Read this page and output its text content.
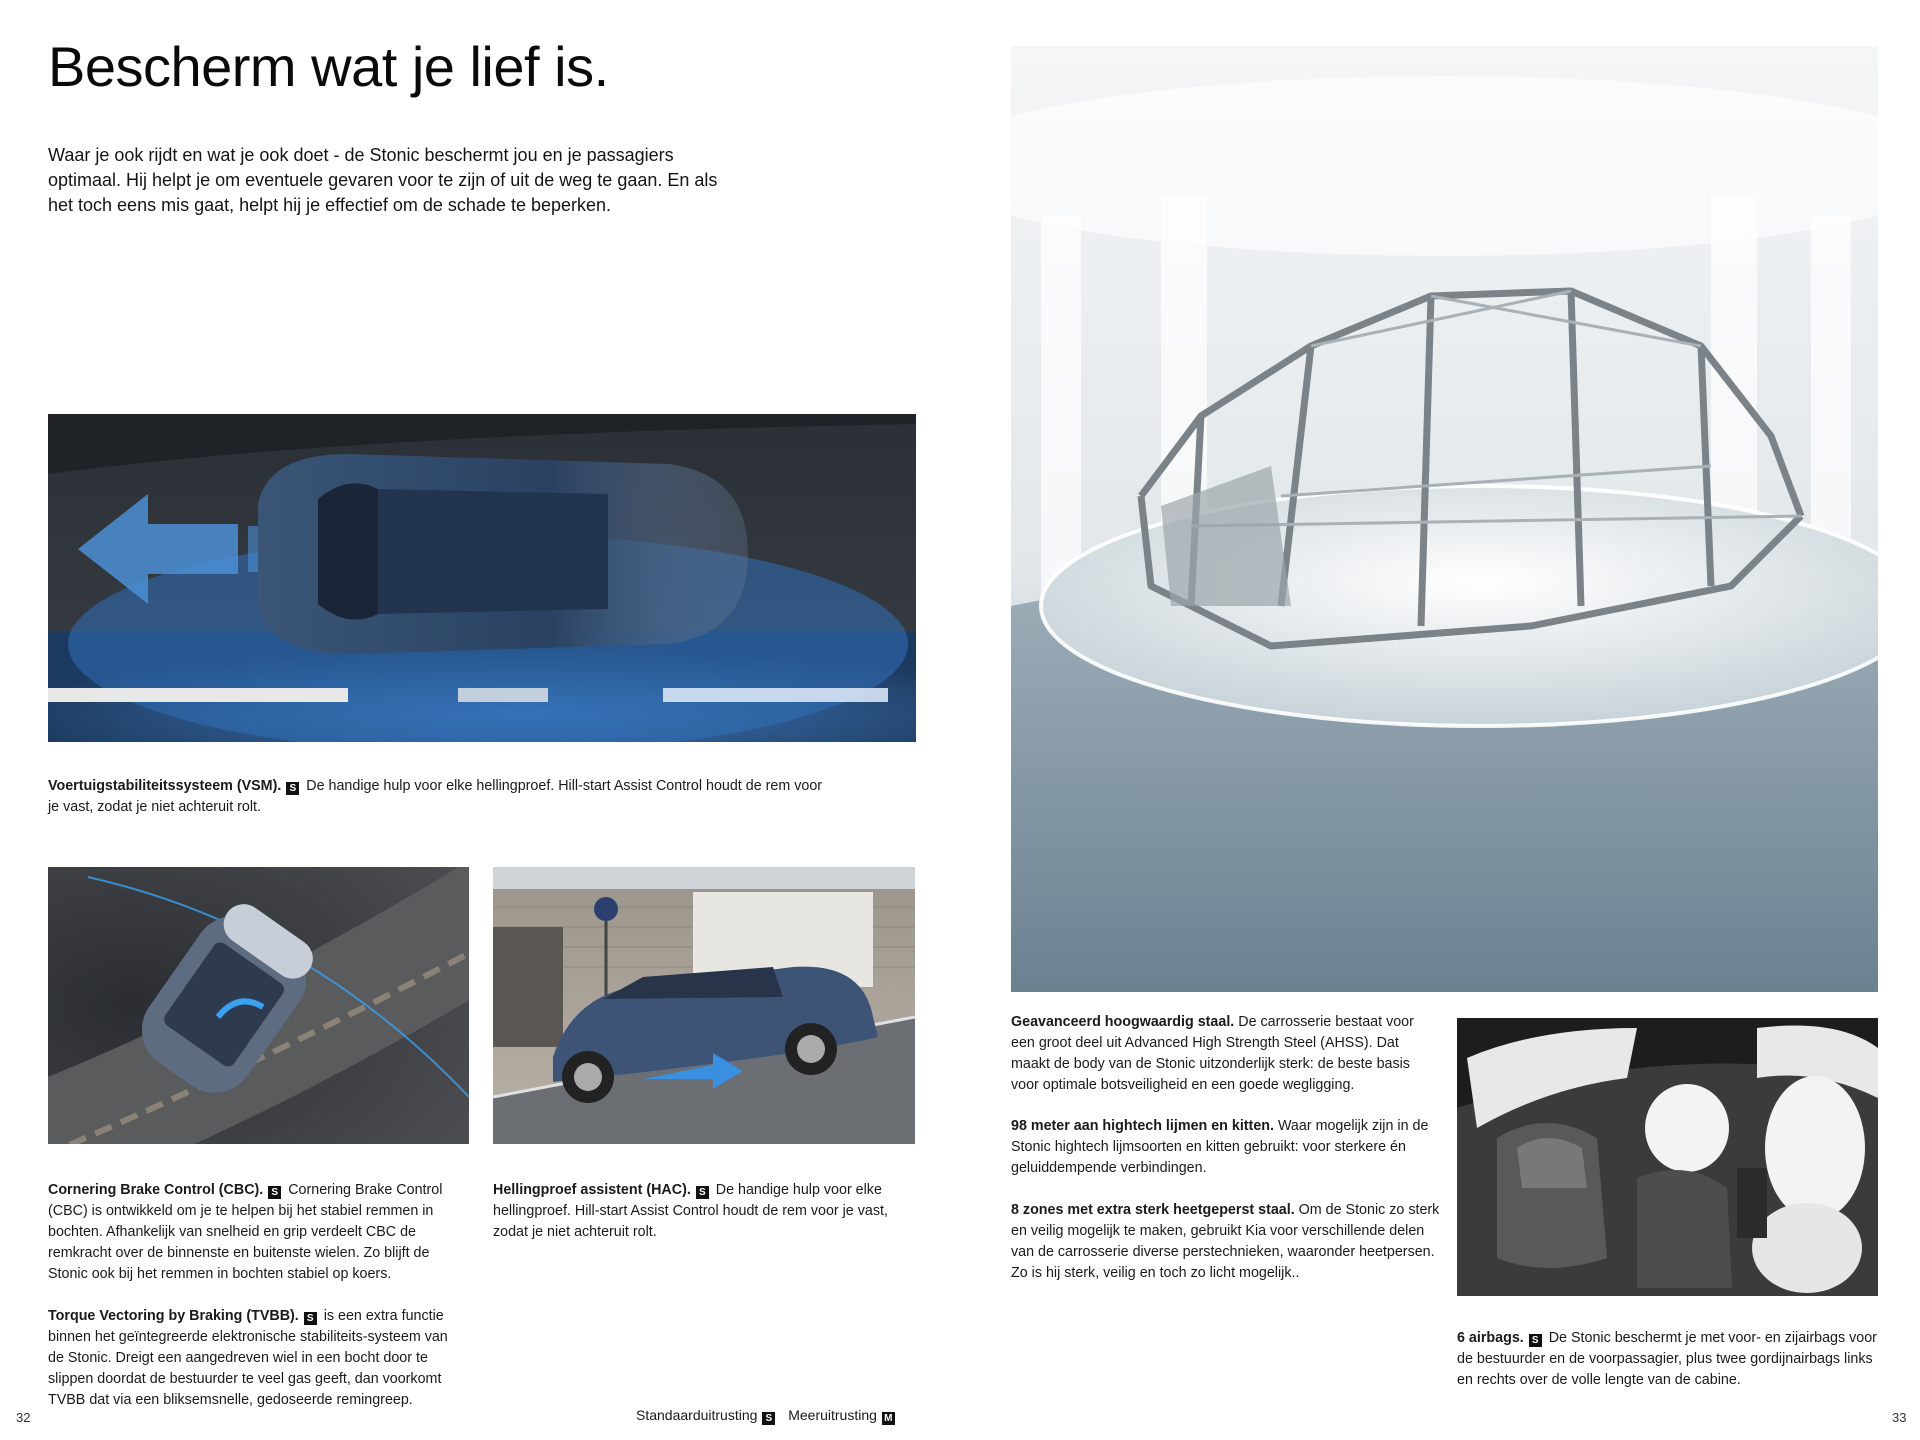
Bescherm wat je lief is.

Waar je ook rijdt en wat je ook doet - de Stonic beschermt jou en je passagiers optimaal. Hij helpt je om eventuele gevaren voor te zijn of uit de weg te gaan. En als het toch eens mis gaat, helpt hij je effectief om de schade te beperken.

Voertuigstabiliteitssysteem (VSM). S De handige hulp voor elke hellingproef. Hill-start Assist Control houdt de rem voor je vast, zodat je niet achteruit rolt.

Cornering Brake Control (CBC). S Cornering Brake Control (CBC) is ontwikkeld om je te helpen bij het stabiel remmen in bochten. Afhankelijk van snelheid en grip verdeelt CBC de remkracht over de binnenste en buitenste wielen. Zo blijft de Stonic ook bij het remmen in bochten stabiel op koers.

Torque Vectoring by Braking (TVBB). S is een extra functie binnen het geïntegreerde elektronische stabiliteits-systeem van de Stonic. Dreigt een aangedreven wiel in een bocht door te slippen doordat de bestuurder te veel gas geeft, dan voorkomt TVBB dat via een bliksemsnelle, gedoseerde remingreep.

Hellingproef assistent (HAC). S De handige hulp voor elke hellingproef. Hill-start Assist Control houdt de rem voor je vast, zodat je niet achteruit rolt.

32	Standaarduitrusting S Meeruitrusting M

Geavanceerd hoogwaardig staal. De carrosserie bestaat voor een groot deel uit Advanced High Strength Steel (AHSS). Dat maakt de body van de Stonic uitzonderlijk sterk: de beste basis voor optimale botsveiligheid en een goede wegligging.

98 meter aan hightech lijmen en kitten. Waar mogelijk zijn in de Stonic hightech lijmsoorten en kitten gebruikt: voor sterkere én geluiddempende verbindingen.

8 zones met extra sterk heetgeperst staal. Om de Stonic zo sterk en veilig mogelijk te maken, gebruikt Kia voor verschillende delen van de carrosserie diverse perstechnieken, waaronder heetpersen. Zo is hij sterk, veilig en toch zo licht mogelijk..

6 airbags. S De Stonic beschermt je met voor- en zijairbags voor de bestuurder en de voorpassagier, plus twee gordijnairbags links en rechts over de volle lengte van de cabine.

33
